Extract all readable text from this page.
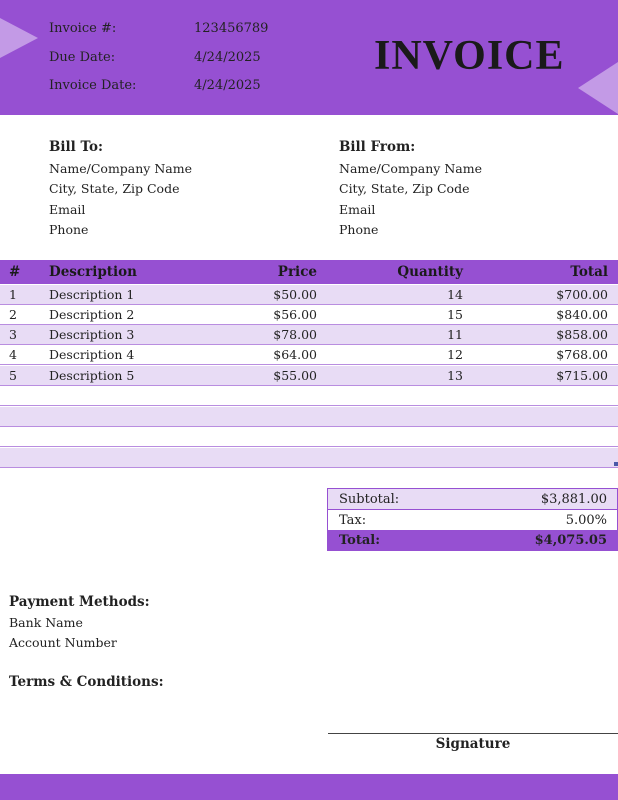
Invoice #:	123456789
Due Date:	4/24/2025
Invoice Date:	4/24/2025
INVOICE
Bill To:
Name/Company Name
City, State, Zip Code
Email
Phone
Bill From:
Name/Company Name
City, State, Zip Code
Email
Phone
# Description	Price	Quantity	Total
1	Description 1	$50.00	14	$700.00
2	Description 2	$56.00	15	$840.00
3	Description 3	$78.00	11	$858.00
4	Description 4	$64.00	12	$768.00
5	Description 5	$55.00	13	$715.00
Subtotal:	$3,881.00
Tax:	5.00%
Total:	$4,075.05
Payment Methods:
Bank Name
Account Number
Terms & Conditions:
Signature
